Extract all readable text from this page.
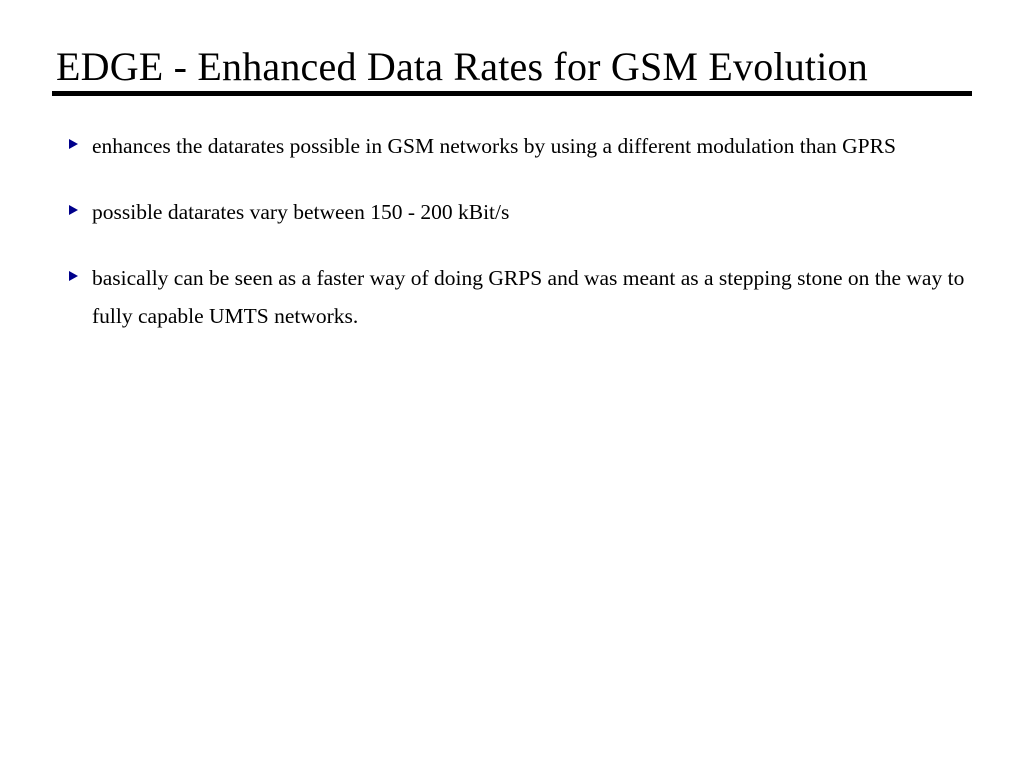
EDGE - Enhanced Data Rates for GSM Evolution
enhances the datarates possible in GSM networks by using a different modulation than GPRS
possible datarates vary between 150 - 200 kBit/s
basically can be seen as a faster way of doing GRPS and was meant as a stepping stone on the way to fully capable UMTS networks.
